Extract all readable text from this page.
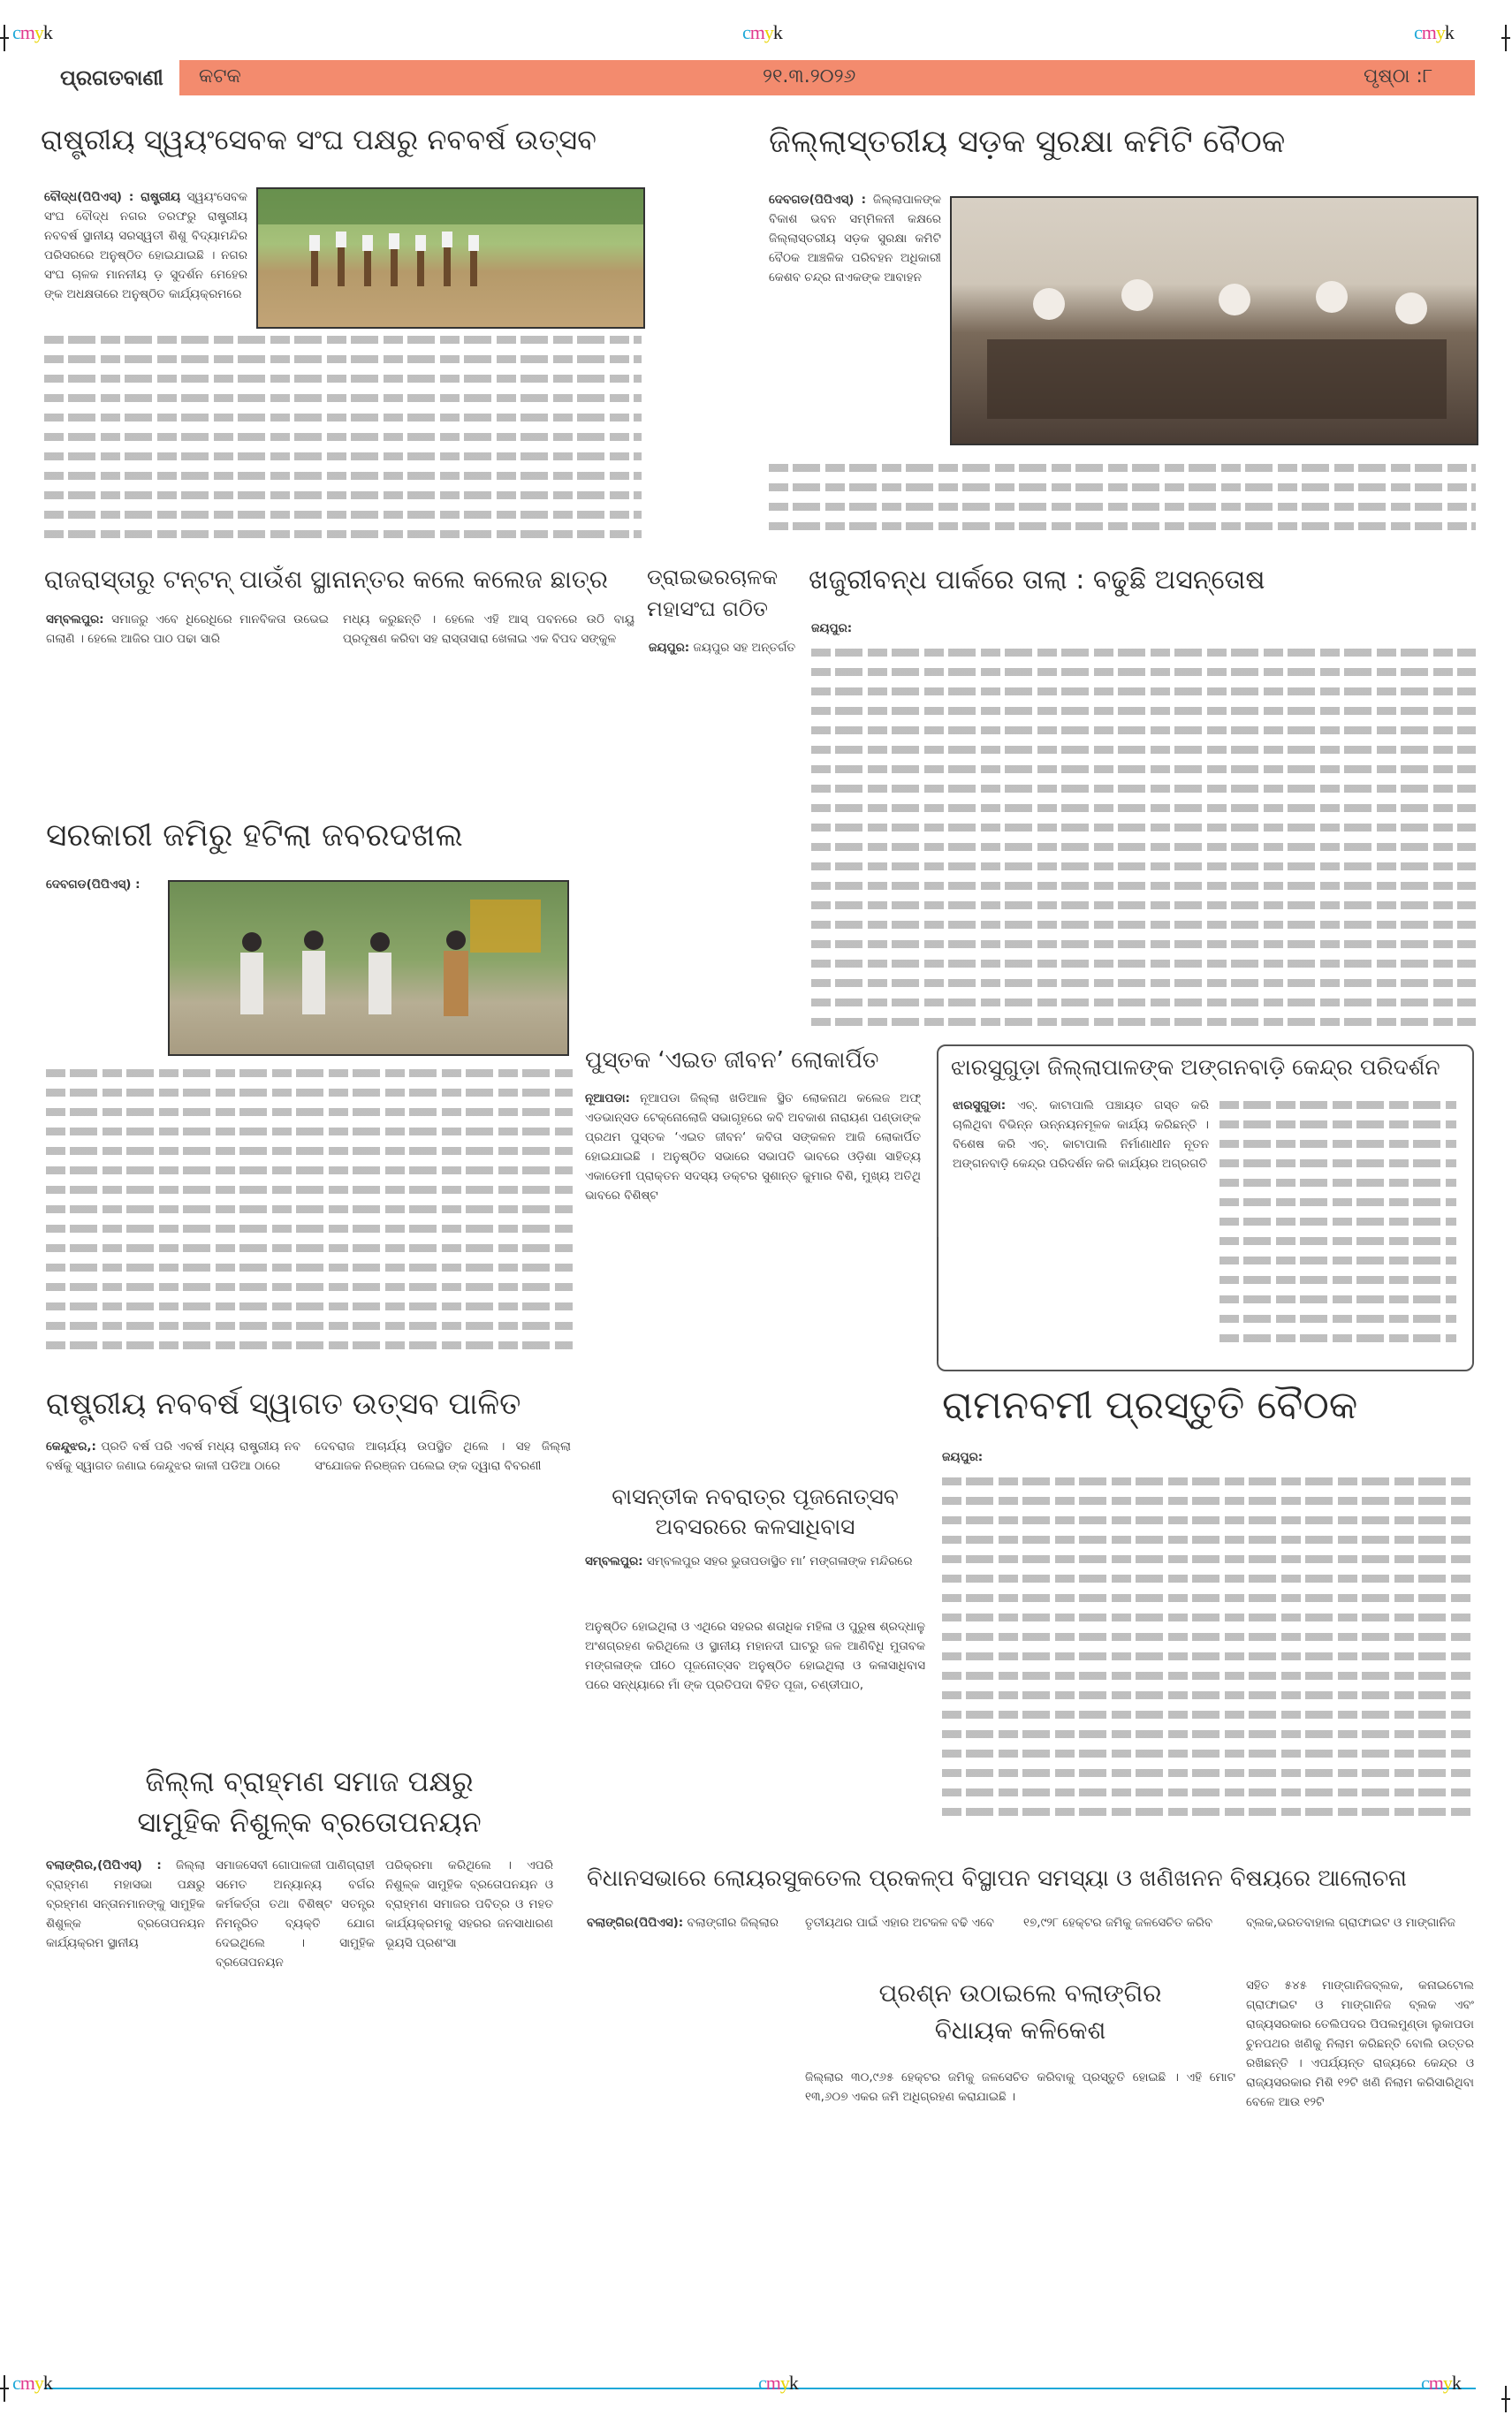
cmyk	cmyk	cmyk
ପ୍ରଗତବାଣୀ	କଟକ	୨୧.୩.୨୦୨୬	ପୃଷ୍ଠା :୮
ରାଷ୍ଟ୍ରୀୟ ସ୍ୱୟଂସେବକ ସଂଘ ପକ୍ଷରୁ ନବବର୍ଷ ଉତ୍ସବ
ବୌଦ୍ଧ(ପିପିଏସ୍) : ରାଷ୍ଟ୍ରୀୟ ସ୍ୱୟଂସେବକ ସଂଘ ବୌଦ୍ଧ ନଗର ତରଫରୁ ରାଷ୍ଟ୍ରୀୟ ନବବର୍ଷ ସ୍ଥାନୀୟ ସରସ୍ୱତୀ ଶିଶୁ ବିଦ୍ୟାମନ୍ଦିର ପରିସରରେ ଅନୁଷ୍ଠିତ ହୋଇଯାଇଛି । ନଗର ସଂଘ ଚାଳକ ମାନନୀୟ ଡ଼ ସୁଦର୍ଶନ ମେହେର ଙ୍କ ଅଧକ୍ଷତାରେ ଅନୁଷ୍ଠିତ କାର୍ଯ୍ୟକ୍ରମରେ
ଜିଲ୍ଲାସ୍ତରୀୟ ସଡ଼କ ସୁରକ୍ଷା କମିଟି ବୈଠକ
ଦେବଗଡ(ପିପିଏସ୍) : ଜିଲ୍ଲାପାଳଙ୍କ ବିକାଶ ଭବନ ସମ୍ମିଳନୀ କକ୍ଷରେ ଜିଲ୍ଲାସ୍ତରୀୟ ସଡ଼କ ସୁରକ୍ଷା କମିଟି ବୈଠକ ଆଞ୍ଚଳିକ ପରିବହନ ଅଧିକାରୀ କେଶବ ଚନ୍ଦ୍ର ନାଏକଙ୍କ ଆବାହନ
ରାଜରାସ୍ତାରୁ ଟନ୍‌ଟନ୍ ପାଉଁଶ ସ୍ଥାନାନ୍ତର କଲେ କଲେଜ ଛାତ୍ର
ସମ୍ବଲପୁର: ସମାଜରୁ ଏବେ ଧିରେଧିରେ ମାନବିକତା ଉଭେଇ ଗଲାଣି । ହେଲେ ଆଜିର ପାଠ ପଢା ସାରି
ମଧ୍ୟ କରୁଛନ୍ତି । ହେଲେ ଏହି ଆସ୍ ପବନରେ ଉଠି ବାୟୁ ପ୍ରଦୂଷଣ କରିବା ସହ ରାସ୍ତାସାରା ଖେଳାଇ ଏକ ବିପଦ ସଙ୍କୁଳ
ଡ୍ରାଇଭରଚାଳକ
ମହାସଂଘ ଗଠିତ
ଜୟପୁର: ଜୟପୁର ସହ ଅନ୍ତର୍ଗତ
ଖଜୁରୀବନ୍ଧ ପାର୍କରେ ତାଲା : ବଢୁଛି ଅସନ୍ତୋଷ
ଜୟପୁର:
ସରକାରୀ ଜମିରୁ ହଟିଲା ଜବରଦଖଲ
ଦେବଗଡ(ପିପିଏସ୍) :
ପୁସ୍ତକ ‘ଏଇତ ଜୀବନ’ ଲୋକାର୍ପିତ
ନୂଆପଡା: ନୂଆପଡା ଜିଲ୍ଲା ଖଡିଆଳ ସ୍ଥିତ ଲୋକନାଥ କଲେଜ ଅଫ୍ ଏଡଭାନ୍ସଡ ଟେକ୍ନୋଲୋଜି ସଭାଗୃହରେ କବି ଅବକାଶ ନାରାୟଣ ପଣ୍ଡାଙ୍କ ପ୍ରଥମ ପୁସ୍ତକ ‘ଏଇତ ଜୀବନ‘ କବିତା ସଙ୍କଳନ ଆଜି ଲୋକାର୍ପିତ ହୋଇଯାଇଛି । ଅନୁଷ୍ଠିତ ସଭାରେ ସଭାପତି ଭାବରେ ଓଡ଼ିଶା ସାହିତ୍ୟ ଏକାଡେମୀ ପ୍ରାକ୍ତନ ସଦସ୍ୟ ଡକ୍ଟର ସୁଶାନ୍ତ କୁମାର ବିଶି, ମୁଖ୍ୟ ଅତିଥି ଭାବରେ ବିଶିଷ୍ଟ
ଝାରସୁଗୁଡ଼ା ଜିଲ୍ଲାପାଳଙ୍କ ଅଙ୍ଗନବାଡ଼ି କେନ୍ଦ୍ର ପରିଦର୍ଶନ
ଝାରସୁଗୁଡା: ଏଚ୍. କାଟାପାଲି ପଞ୍ଚାୟତ ଗସ୍ତ କରି ଚାଲିଥିବା ବିଭିନ୍ନ ଉନ୍ନୟନମୂଳକ କାର୍ଯ୍ୟ କରିଛନ୍ତି । ବିଶେଷ କରି ଏଚ୍. କାଟାପାଲି ନିର୍ମାଣାଧୀନ ନୂତନ ଅଙ୍ଗନବାଡ଼ି କେନ୍ଦ୍ର ପରିଦର୍ଶନ କରି କାର୍ଯ୍ୟର ଅଗ୍ରଗତି
ରାଷ୍ଟ୍ରୀୟ ନବବର୍ଷ ସ୍ୱାଗତ ଉତ୍ସବ ପାଳିତ
କେନ୍ଦୁଝର,: ପ୍ରତି ବର୍ଷ ପରି ଏବର୍ଷ ମଧ୍ୟ ରାଷ୍ଟ୍ରୀୟ ନବ ବର୍ଷକୁ ସ୍ୱାଗତ ଜଣାଇ କେନ୍ଦୁଝର କାଳୀ ପଡିଆ ଠାରେ
ଦେବରାଜ ଆଚାର୍ଯ୍ୟ ଉପସ୍ଥିତ ଥିଲେ । ସହ ଜିଲ୍ଲା ସଂଯୋଜକ ନିରଞ୍ଜନ ପଲେଇ ଙ୍କ ଦ୍ୱାରା ବିବରଣୀ
ରାମନବମୀ ପ୍ରସ୍ତୁତି ବୈଠକ
ଜୟପୁର:
ବାସନ୍ତୀକ ନବରାତ୍ର ପୂଜନୋତ୍ସବ
ଅବସରରେ କଳସାଧିବାସ
ସମ୍ବଲପୁର: ସମ୍ବଲପୁର ସହର ଭୁତାପଡାସ୍ଥିତ ମା’ ମଙ୍ଗଳାଙ୍କ ମନ୍ଦିରରେ
ଅନୁଷ୍ଠିତ ହୋଇଥିଲା ଓ ଏଥିରେ ସହରର ଶତାଧିକ ମହିଳା ଓ ପୁରୁଷ ଶ୍ରଦ୍ଧାଳୁ ଅଂଶଗ୍ରହଣ କରିଥିଲେ ଓ ସ୍ଥାନୀୟ ମହାନଦୀ ଘାଟରୁ ଜଳ ଆଣିବିଧି ମୁତାବକ ମଙ୍ଗଳାଙ୍କ ପୀଠେ ପୂଜନୋତ୍ସବ ଅନୁଷ୍ଠିତ ହୋଇଥିଲା ଓ କଳାସାଧିବାସ ପରେ ସନ୍ଧ୍ୟାରେ ମାଁ ଙ୍କ ପ୍ରତିପଦା ବିହିତ ପୂଜା, ଚଣ୍ଡୀପାଠ,
ଜିଲ୍ଲା ବ୍ରାହ୍ମଣ ସମାଜ ପକ୍ଷରୁ
ସାମୁହିକ ନିଶୁଳ୍କ ବ୍ରତୋପନୟନ
ବଲାଙ୍ଗିର,(ପିପିଏସ୍) : ଜିଲ୍ଲା ବ୍ରାହ୍ମଣ ମହାସଭା ପକ୍ଷରୁ ବ୍ରହ୍ମଣ ସନ୍ତାନମାନଙ୍କୁ ସାମୁହିକ ଶିଶୁଳ୍କ ବ୍ରତୋପନୟନ କାର୍ଯ୍ୟକ୍ରମ ସ୍ଥାନୀୟ
ସମାଜସେବୀ ଗୋପାଳଜୀ ପାଣିଗ୍ରାହୀ ସମେତ ଅନ୍ୟାନ୍ୟ ବର୍ଗର କର୍ମକର୍ତ୍ତା ତଥା ବିଶିଷ୍ଟ ସତନ୍ତ୍ର ନିମନ୍ତ୍ରିତ ବ୍ୟକ୍ତି ଯୋଗ ଦେଇଥିଲେ । ସାମୁହିକ ବ୍ରତୋପନୟନ
ପରିକ୍ରମା କରିଥିଲେ । ଏପରି ନିଶୁଳ୍କ ସାମୁହିକ ବ୍ରତୋପନୟନ ଓ ବ୍ରାହ୍ମଣ ସମାଜର ପବିତ୍ର ଓ ମହତ କାର୍ଯ୍ୟକ୍ରମକୁ ସହରର ଜନସାଧାରଣ ଭୂୟସି ପ୍ରଶଂସା
ବିଧାନସଭାରେ ଲୋୟରସୁକତେଲ ପ୍ରକଳ୍ପ ବିସ୍ଥାପନ ସମସ୍ୟା ଓ ଖଣିଖନନ ବିଷୟରେ ଆଲୋଚନା
ବଲାଙ୍ଗିର(ପିପିଏସ): ବଲାଙ୍ଗୀର ଜିଲ୍ଲାର	ତୃତୀୟଥର ପାଇଁ ଏହାର ଅଟକଳ ବଢି ଏବେ	୧୭,୯୨୮ ହେକ୍ଟର ଜମିକୁ ଜଳସେଚିତ କରିବ	ବ୍ଲକ,ଭରତବାହାଲ ଗ୍ରାଫାଇଟ ଓ ମାଙ୍ଗାନିଜ
ପ୍ରଶ୍ନ ଉଠାଇଲେ ବଲାଙ୍ଗିର
ବିଧାୟକ କଳିକେଶ
ଜିଲ୍ଲାର ୩୦,୯୬୫ ହେକ୍ଟର ଜମିକୁ ଜଳସେଚିତ କରିବାକୁ ପ୍ରସ୍ତୁତି ହୋଇଛି । ଏହି ମୋଟ ୧୩,୬୦୭ ଏକର ଜମି ଅଧିଗ୍ରହଣ କରାଯାଇଛି ।
ସହିତ ୫୪୫ ମାଙ୍ଗାନିଜବ୍ଲକ, କନାଇଟୋଲ ଗ୍ରାଫାଇଟ ଓ ମାଙ୍ଗାନିଜ ବ୍ଲକ ଏବଂ ରାଜ୍ୟସରକାର ତେଲିପଦର ପିପଲମୁଣ୍ଡା ଲୁକାପଡା ଚୁନପଥର ଖଣିକୁ ନିଲାମ କରିଛନ୍ତି ବୋଲି ଉତ୍ତର ରଖିଛନ୍ତି । ଏପର୍ଯ୍ୟନ୍ତ ରାଜ୍ୟରେ କେନ୍ଦ୍ର ଓ ରାଜ୍ୟସରକାର ମିଶି ୧୨ଟି ଖଣି ନିଲାମ କରିସାରିଥିବା ବେଳେ ଆଉ ୧୨ଟି
cmyk	cmyk	cmyk
